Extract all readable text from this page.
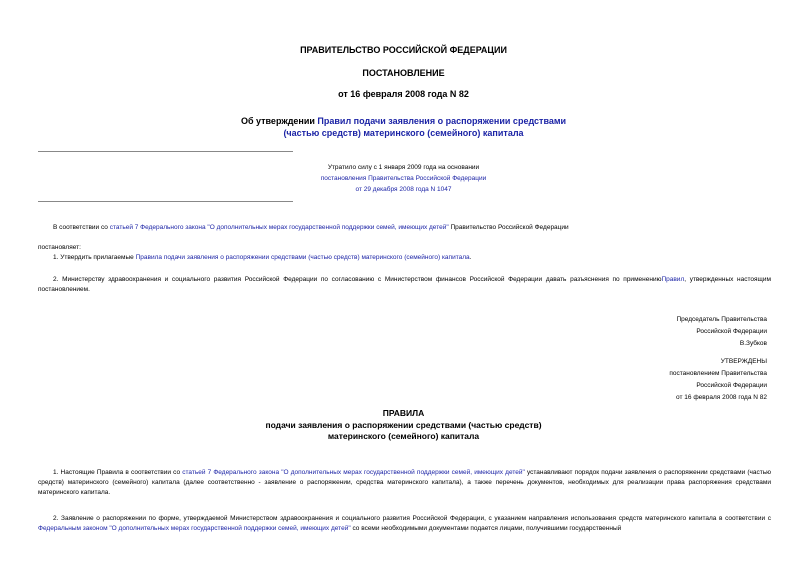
ПРАВИТЕЛЬСТВО РОССИЙСКОЙ ФЕДЕРАЦИИ
ПОСТАНОВЛЕНИЕ
от 16 февраля 2008 года N 82
Об утверждении Правил подачи заявления о распоряжении средствами
(частью средств) материнского (семейного) капитала
Утратило силу с 1 января 2009 года на основании
постановления Правительства Российской Федерации
от 29 декабря 2008 года N 1047
В соответствии со статьей 7 Федерального закона "О дополнительных мерах государственной поддержки семей, имеющих детей" Правительство Российской Федерации
постановляет:
1. Утвердить прилагаемые Правила подачи заявления о распоряжении средствами (частью средств) материнского (семейного) капитала.
2. Министерству здравоохранения и социального развития Российской Федерации по согласованию с Министерством финансов Российской Федерации давать разъяснения по применениюПравил, утвержденных настоящим постановлением.
Председатель Правительства
Российской Федерации
В.Зубков
УТВЕРЖДЕНЫ
постановлением Правительства
Российской Федерации
от 16 февраля 2008 года N 82
ПРАВИЛА
подачи заявления о распоряжении средствами (частью средств)
материнского (семейного) капитала
1. Настоящие Правила в соответствии со статьей 7 Федерального закона "О дополнительных мерах государственной поддержки семей, имеющих детей" устанавливают порядок подачи заявления о распоряжении средствами (частью средств) материнского (семейного) капитала (далее соответственно - заявление о распоряжении, средства материнского капитала), а также перечень документов, необходимых для реализации права распоряжения средствами материнского капитала.
2. Заявление о распоряжении по форме, утверждаемой Министерством здравоохранения и социального развития Российской Федерации, с указанием направления использования средств материнского капитала в соответствии с Федеральным законом "О дополнительных мерах государственной поддержки семей, имеющих детей" со всеми необходимыми документами подается лицами, получившими государственный
